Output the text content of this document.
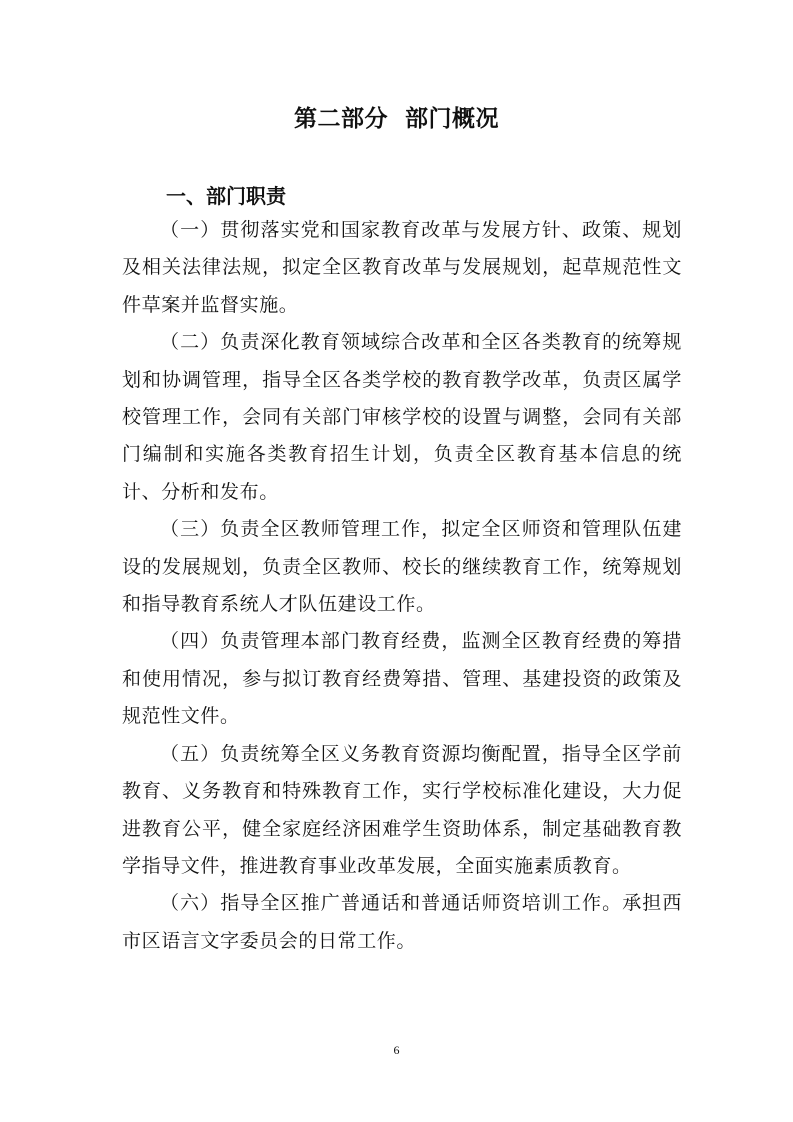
第二部分  部门概况
一、部门职责

（一）贯彻落实党和国家教育改革与发展方针、政策、规划及相关法律法规，拟定全区教育改革与发展规划，起草规范性文件草案并监督实施。

（二）负责深化教育领域综合改革和全区各类教育的统筹规划和协调管理，指导全区各类学校的教育教学改革，负责区属学校管理工作，会同有关部门审核学校的设置与调整，会同有关部门编制和实施各类教育招生计划，负责全区教育基本信息的统计、分析和发布。

（三）负责全区教师管理工作，拟定全区师资和管理队伍建设的发展规划，负责全区教师、校长的继续教育工作，统筹规划和指导教育系统人才队伍建设工作。

（四）负责管理本部门教育经费，监测全区教育经费的筹措和使用情况，参与拟订教育经费筹措、管理、基建投资的政策及规范性文件。

（五）负责统筹全区义务教育资源均衡配置，指导全区学前教育、义务教育和特殊教育工作，实行学校标准化建设，大力促进教育公平，健全家庭经济困难学生资助体系，制定基础教育教学指导文件，推进教育事业改革发展，全面实施素质教育。

（六）指导全区推广普通话和普通话师资培训工作。承担西市区语言文字委员会的日常工作。

6
